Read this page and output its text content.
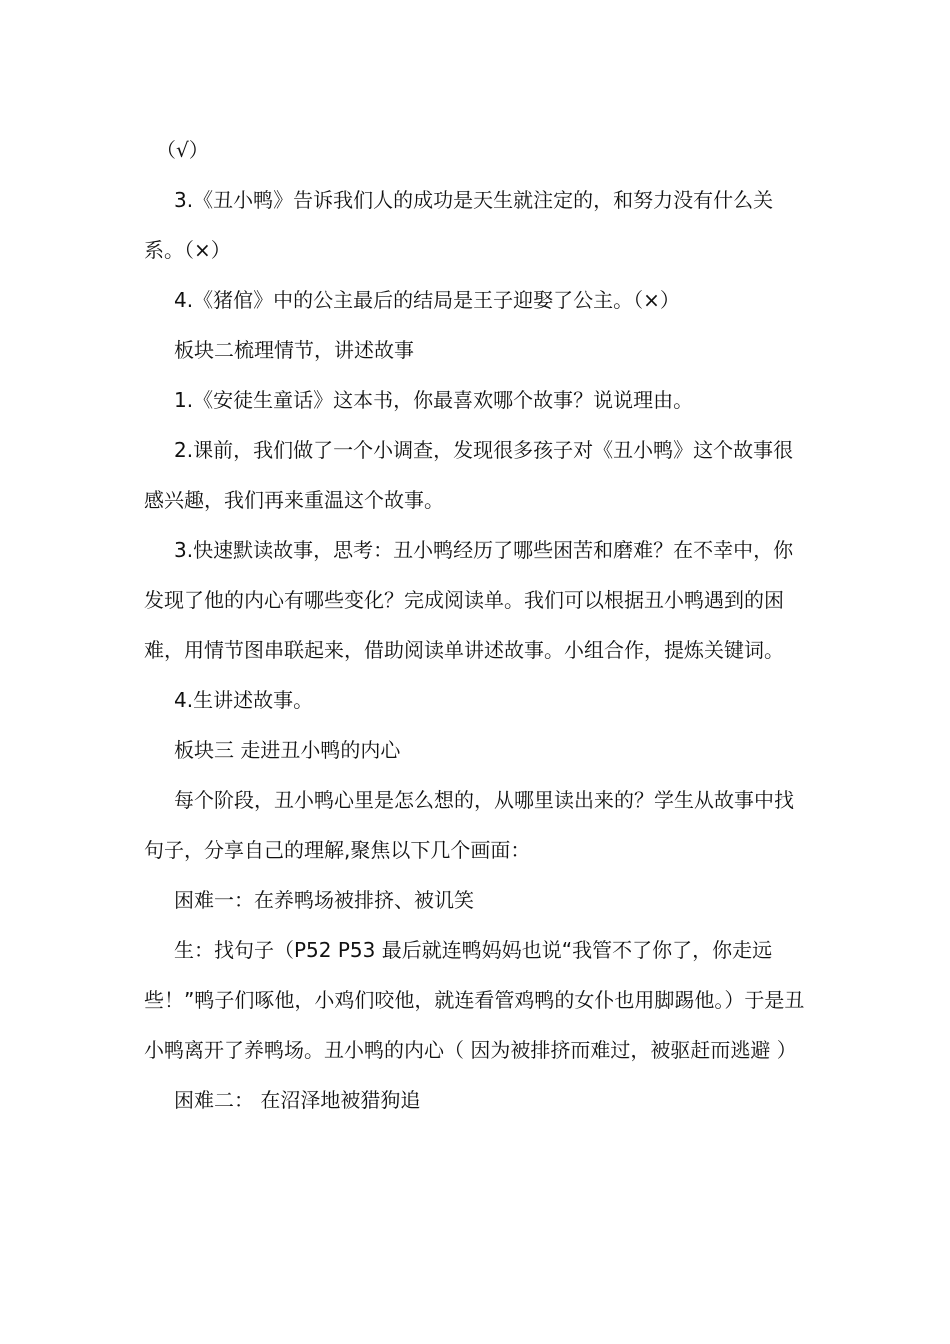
（√）

3.《丑小鸭》告诉我们人的成功是天生就注定的，和努力没有什么关系。（×）

4.《猪倌》中的公主最后的结局是王子迎娶了公主。（×）

板块二梳理情节，讲述故事

1.《安徒生童话》这本书，你最喜欢哪个故事？说说理由。

2.课前，我们做了一个小调查，发现很多孩子对《丑小鸭》这个故事很感兴趣，我们再来重温这个故事。

3.快速默读故事，思考：丑小鸭经历了哪些困苦和磨难？在不幸中，你发现了他的内心有哪些变化？完成阅读单。我们可以根据丑小鸭遇到的困难，用情节图串联起来，借助阅读单讲述故事。小组合作，提炼关键词。

4.生讲述故事。

板块三 走进丑小鸭的内心

每个阶段，丑小鸭心里是怎么想的，从哪里读出来的？学生从故事中找句子，分享自己的理解,聚焦以下几个画面：

困难一：在养鸭场被排挤、被讥笑

生：找句子（P52 P53 最后就连鸭妈妈也说“我管不了你了，你走远些！”鸭子们啄他，小鸡们咬他，就连看管鸡鸭的女仆也用脚踢他。）于是丑小鸭离开了养鸭场。丑小鸭的内心（ 因为被排挤而难过，被驱赶而逃避 ）

困难二： 在沼泽地被猎狗追
